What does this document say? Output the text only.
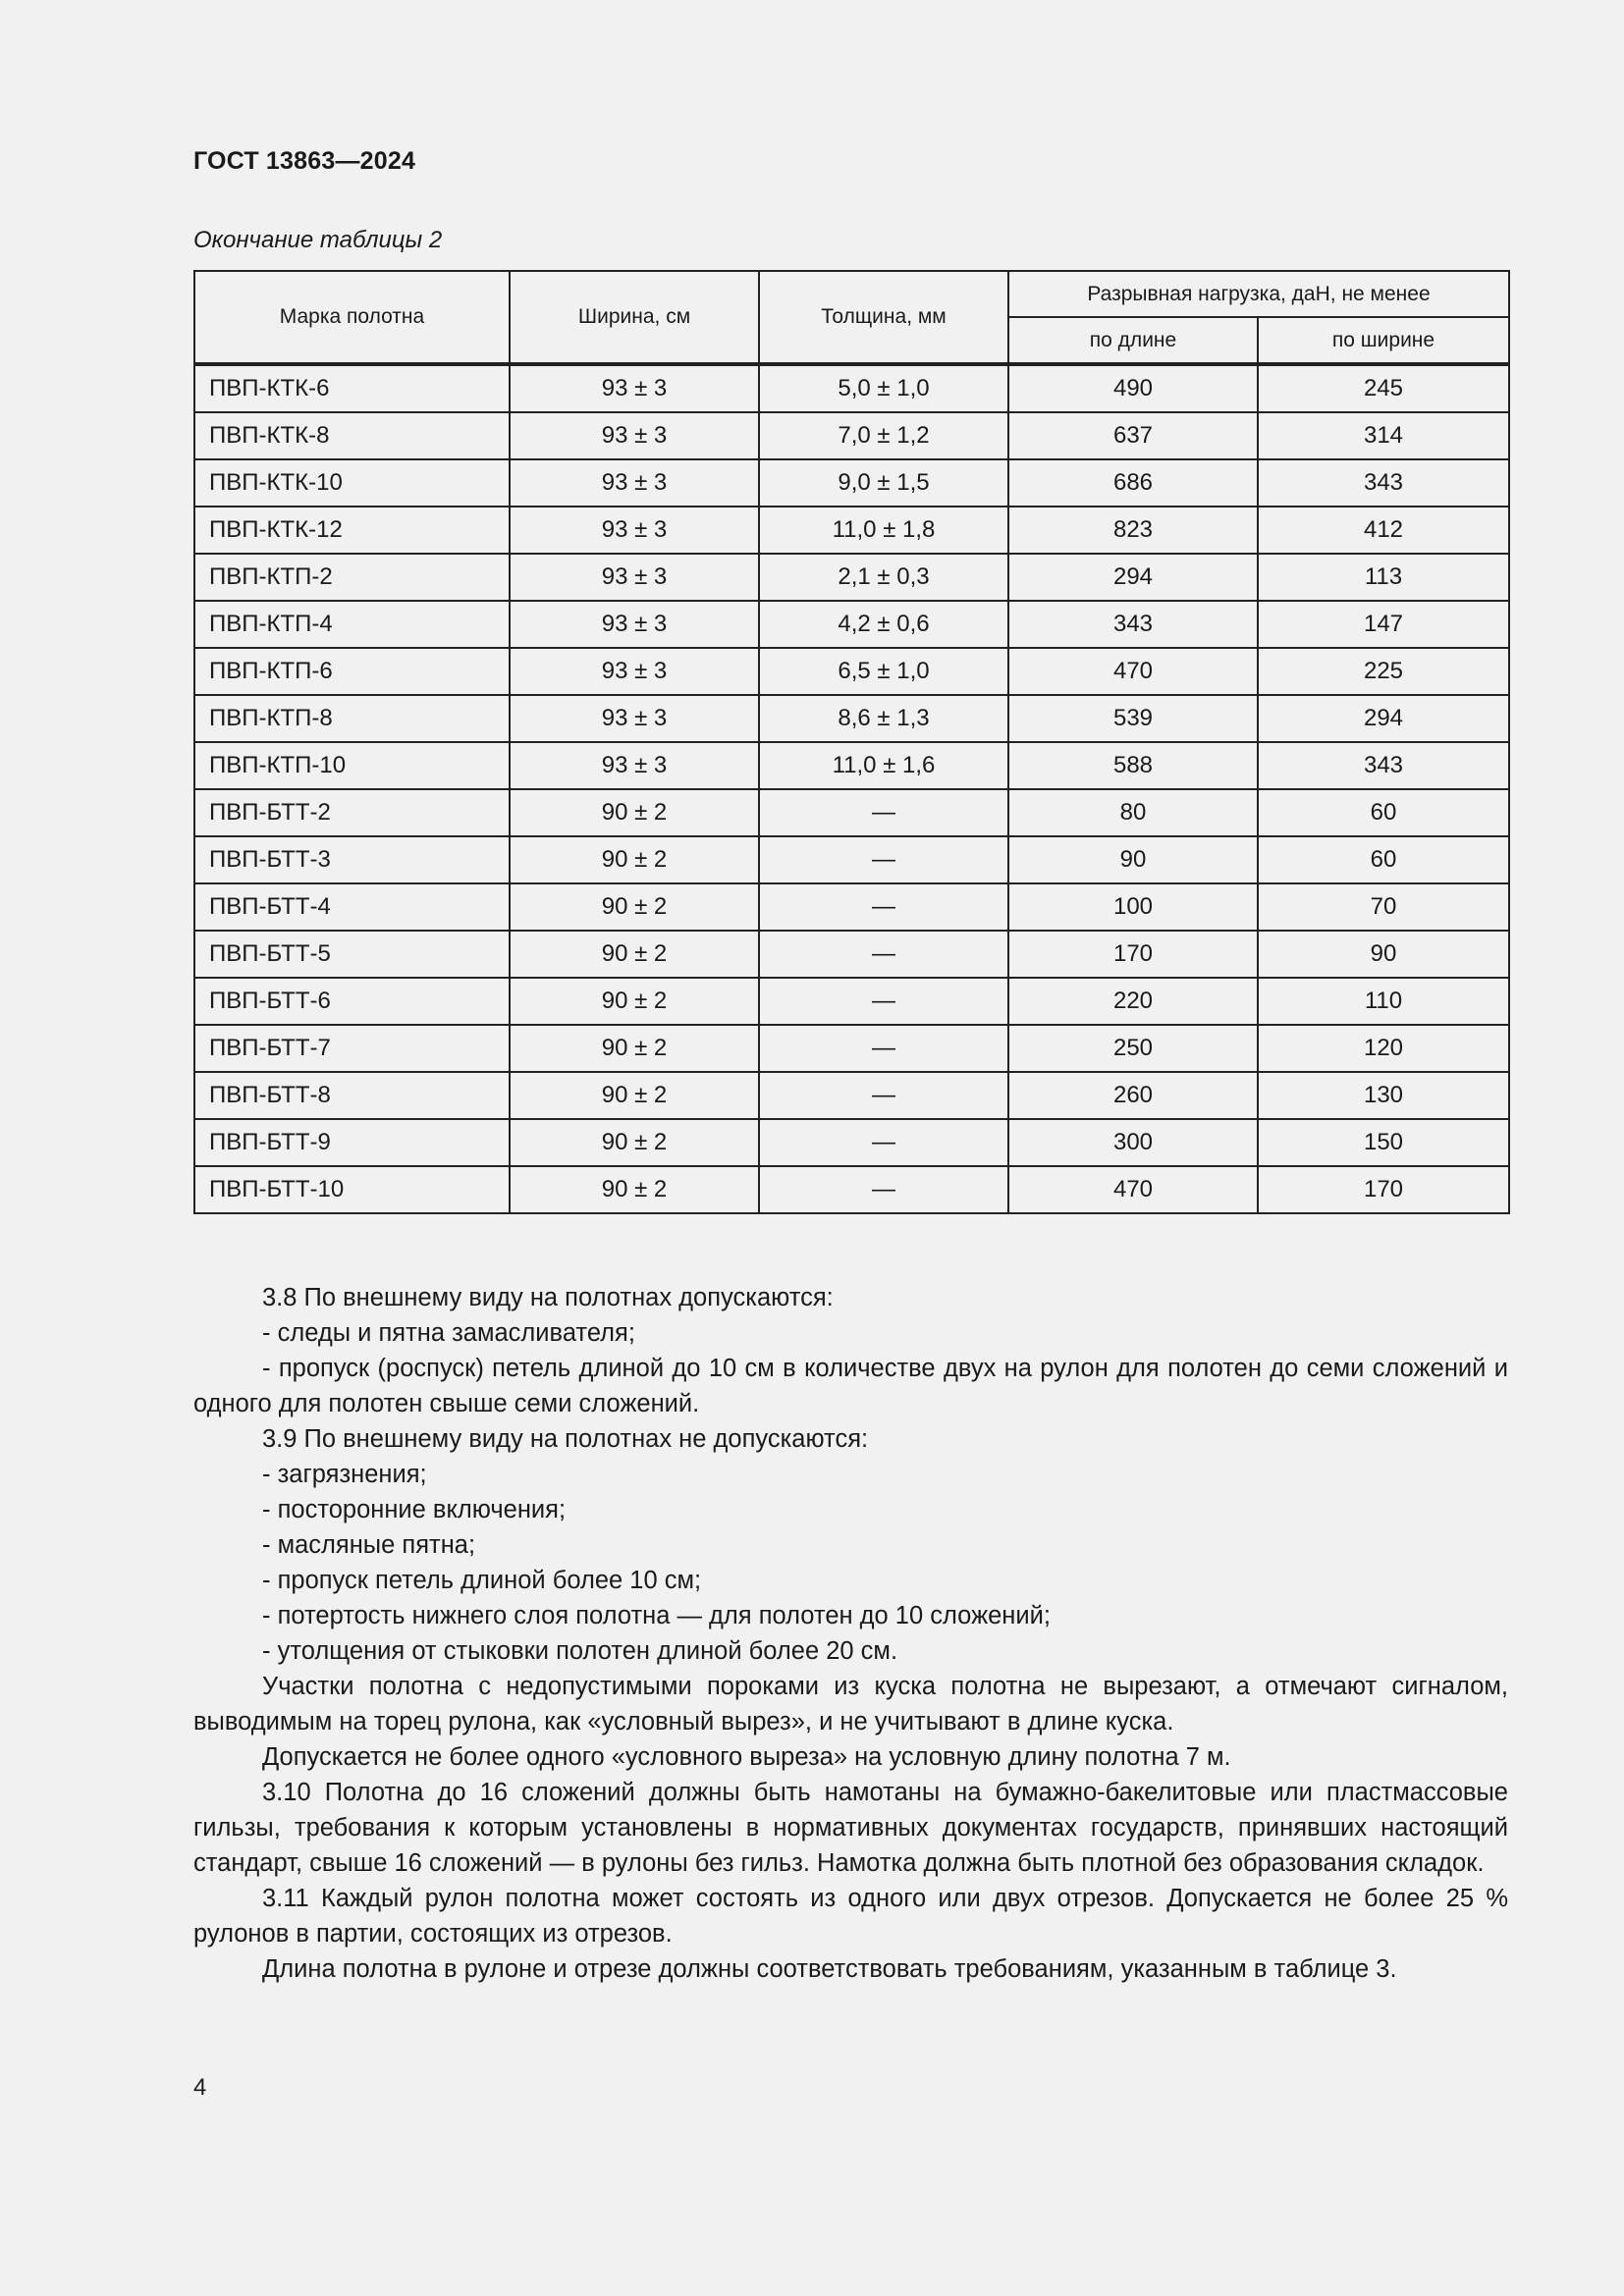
ГОСТ 13863—2024
Окончание таблицы 2
Марка полотна	Ширина, см	Толщина, мм	Разрывная нагрузка, даН, не менее	
			по длине	по ширине
ПВП-КТК-6	93 ± 3	5,0 ± 1,0	490	245
ПВП-КТК-8	93 ± 3	7,0 ± 1,2	637	314
ПВП-КТК-10	93 ± 3	9,0 ± 1,5	686	343
ПВП-КТК-12	93 ± 3	11,0 ± 1,8	823	412
ПВП-КТП-2	93 ± 3	2,1 ± 0,3	294	113
ПВП-КТП-4	93 ± 3	4,2 ± 0,6	343	147
ПВП-КТП-6	93 ± 3	6,5 ± 1,0	470	225
ПВП-КТП-8	93 ± 3	8,6 ± 1,3	539	294
ПВП-КТП-10	93 ± 3	11,0 ± 1,6	588	343
ПВП-БТТ-2	90 ± 2	—	80	60
ПВП-БТТ-3	90 ± 2	—	90	60
ПВП-БТТ-4	90 ± 2	—	100	70
ПВП-БТТ-5	90 ± 2	—	170	90
ПВП-БТТ-6	90 ± 2	—	220	110
ПВП-БТТ-7	90 ± 2	—	250	120
ПВП-БТТ-8	90 ± 2	—	260	130
ПВП-БТТ-9	90 ± 2	—	300	150
ПВП-БТТ-10	90 ± 2	—	470	170

3.8 По внешнему виду на полотнах допускаются:

- следы и пятна замасливателя;

- пропуск (роспуск) петель длиной до 10 см в количестве двух на рулон для полотен до семи сложений и одного для полотен свыше семи сложений.

3.9 По внешнему виду на полотнах не допускаются:

- загрязнения;

- посторонние включения;

- масляные пятна;

- пропуск петель длиной более 10 см;

- потертость нижнего слоя полотна — для полотен до 10 сложений;

- утолщения от стыковки полотен длиной более 20 см.

Участки полотна с недопустимыми пороками из куска полотна не вырезают, а отмечают сигналом, выводимым на торец рулона, как «условный вырез», и не учитывают в длине куска.

Допускается не более одного «условного выреза» на условную длину полотна 7 м.

3.10 Полотна до 16 сложений должны быть намотаны на бумажно-бакелитовые или пластмассовые гильзы, требования к которым установлены в нормативных документах государств, принявших настоящий стандарт, свыше 16 сложений — в рулоны без гильз. Намотка должна быть плотной без образования складок.

3.11 Каждый рулон полотна может состоять из одного или двух отрезов. Допускается не более 25 % рулонов в партии, состоящих из отрезов.

Длина полотна в рулоне и отрезе должны соответствовать требованиям, указанным в таблице 3.

4
